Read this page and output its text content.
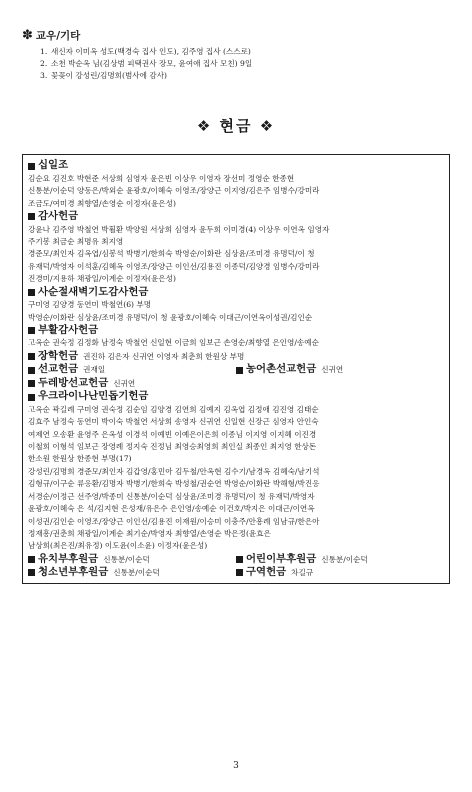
✽ 교우/기타
1. 새신자 이미옥 성도(백경숙 집사 인도), 김주영 집사 (스스로)
2. 소천 박순옥 님(김상범 피택권사 장모, 윤여애 집사 모친) 9일
3. 꽃꽂이 강성린/김명희(범사에 감사)
❖ 현금 ❖
십일조
김순요 김진호 박현준 서상희 심영자 윤은빈 이상우 이영자 장선미 정영순 한종현
신통분/이순덕 양동은/박외순 윤광호/이혜숙 이영조/장양근 이지영/김은주 임병수/강미라
조금도/여미경 최향열/손영순 이정자(윤은성)
감사헌금
강윤나 김주영 박철연 박횔환 박양원 서상희 심영자 윤두희 이미경(4) 이상우 이연옥 임영자
주기봉 최금순 최명유 최지영
경준모/최인자 김옥엽/심봉석 박병기/한희숙 박영순/이화란 심상윤/조미경 유명덕/이 청
유재덕/박영자 이석훈/김혜옥 이영조/장양근 이인선/김용진 이종덕/김양경 임병수/강미라
진경미/지용하 채광일/이계순 이정자(윤은성)
사순절새벽기도감사헌금
구미영 김양경 동연미 박철연(6) 부명
박영순/이화란 심상윤/조미경 유명덕/이 청 윤광호/이혜숙 이대근/이연옥이성권/김인순
부활감사헌금
고옥순 권숙정 김정화 남정숙 박철연 신일현 이금희 임보근 손영순/최향열 은인영/송예순
장학헌금 권진하 김은자 신귀연 이영자 최춘희 한원상 부명
선교헌금 권재일	농어촌선교헌금 신귀연
두레방선교헌금 신귀연
우크라이나난민돕기헌금
고옥순 곽길례 구미영 권숙정 김순임 김양경 김연희 김예지 김옥엽 김정애 김진영 김태순
김효주 남정숙 동연미 박이숙 박철연 서상희 송영자 신귀연 신일현 신장근 심영자 안인숙
여제연 오송환 윤영주 은옥성 이경석 이예빈 이예은이은희 이종님 이지영 이지혜 이진경
이철희 이형석 임보근 장영례 정지숙 진정님 최영승최영희 최인실 최종인 최지영 한상돈
한소원 한원상 한종현 부명(17)
강성린/김명희 경준모/최인자 김갑영/홍민아 김두철/안옥현 김수기/남경옥 김혜숙/남기석
김형규/이구순 류응환/김명자 박병기/한희숙 박성철/권순연 박영순/이화란 박해형/박진응
서경순/이정근 선주영/박종미 신통분/이순덕 심상윤/조미경 유명덕/이 청 유재덕/박영자
윤광호/이혜숙 은 석/김지현 은성재/유은수 은인영/송예순 이건호/박지은 이대근/이연옥
이성권/김인순 이영조/장양근 이인선/김용진 이재원/이승미 이충주/안흥례 임남규/한은아
정재흥/권춘희 채광일/이계순 최기순/박영자 최향열/손영순 박은정(윤효은
남상희(최은진/최유정) 이도윤(이소윤) 이정자(윤은성)
유치부후원금 신통분/이순덕	어린이부후원금 신통분/이순덕
청소년부후원금 신통분/이순덕	구역헌금 차길규
3
